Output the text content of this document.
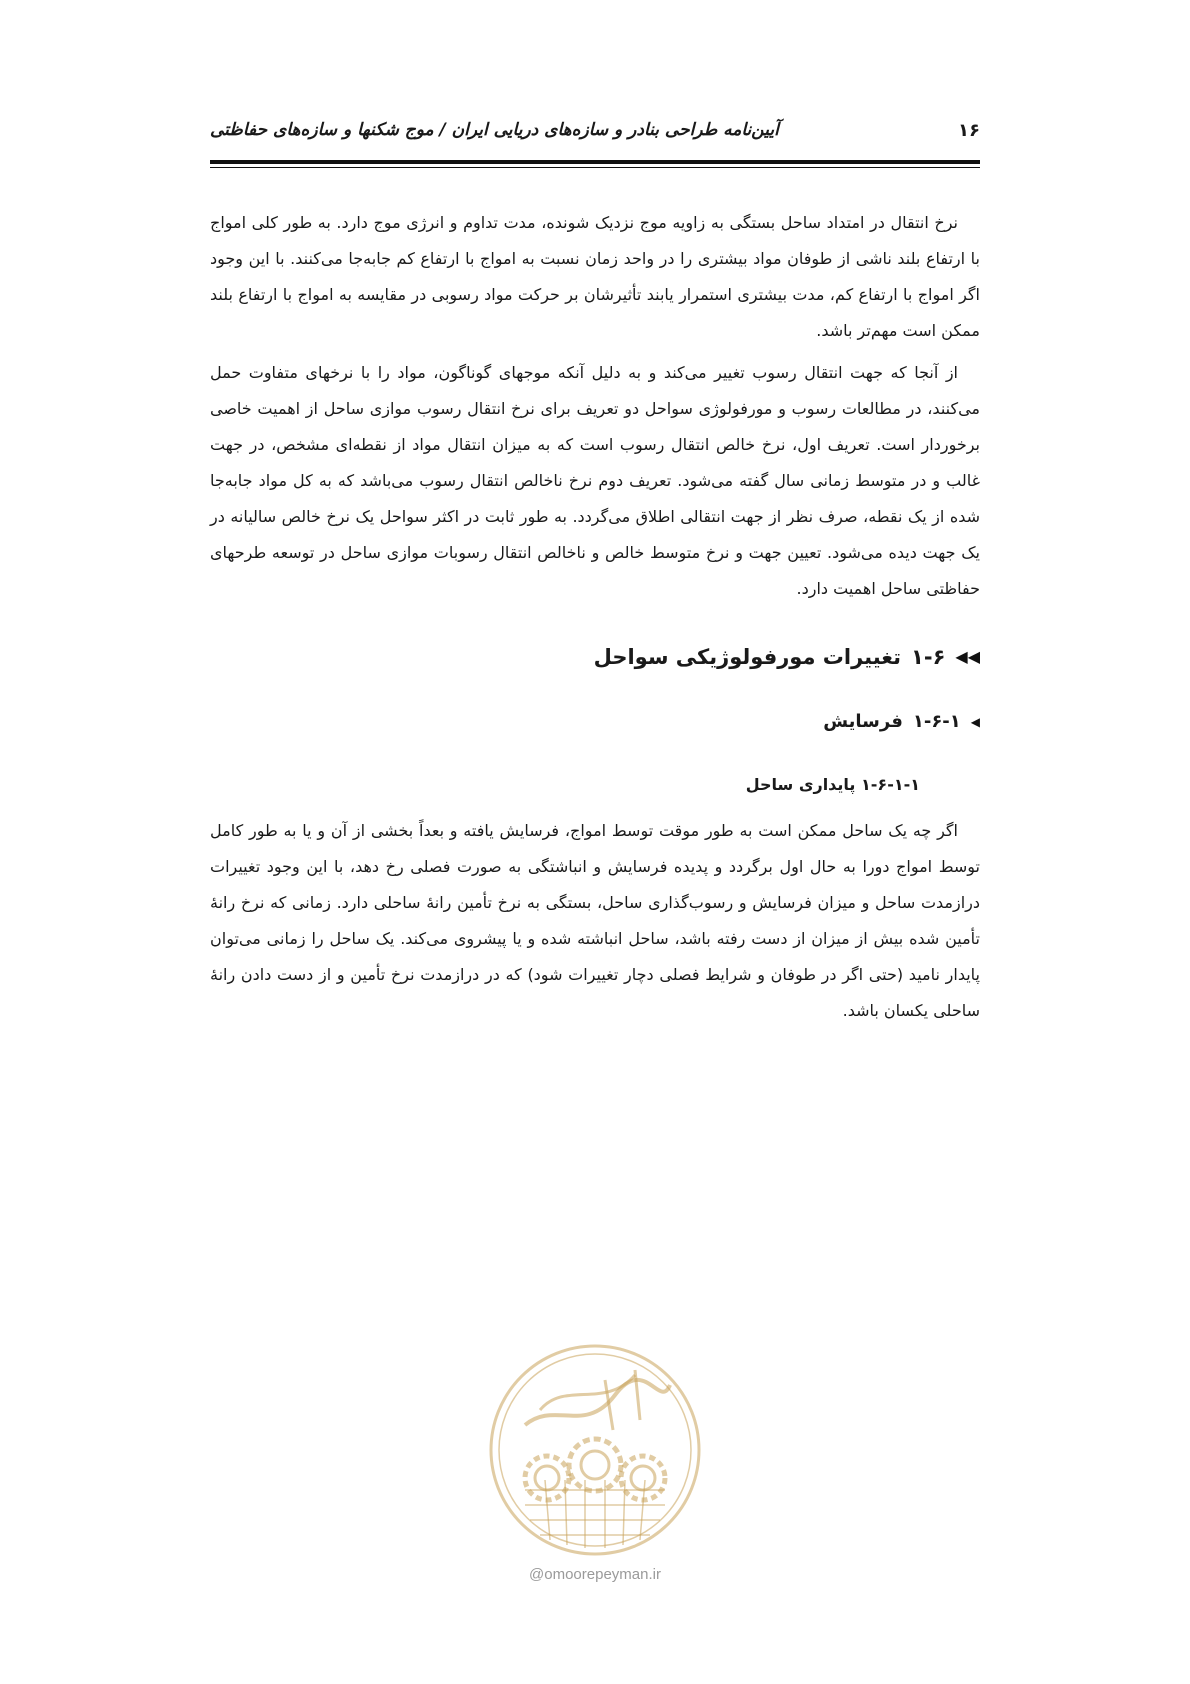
۱۶
آیین‌نامه طراحی بنادر و سازه‌های دریایی ایران / موج شکنها و سازه‌های حفاظتی

نرخ انتقال در امتداد ساحل بستگی به زاویه موج نزدیک شونده، مدت تداوم و انرژی موج دارد. به طور کلی امواج با ارتفاع بلند ناشی از طوفان مواد بیشتری را در واحد زمان نسبت به امواج با ارتفاع کم جابه‌جا می‌کنند. با این وجود اگر امواج با ارتفاع کم، مدت بیشتری استمرار یابند تأثیرشان بر حرکت مواد رسوبی در مقایسه به امواج با ارتفاع بلند ممکن است مهم‌تر باشد.

از آنجا که جهت انتقال رسوب تغییر می‌کند و به دلیل آنکه موجهای گوناگون، مواد را با نرخهای متفاوت حمل می‌کنند، در مطالعات رسوب و مورفولوژی سواحل دو تعریف برای نرخ انتقال رسوب موازی ساحل از اهمیت خاصی برخوردار است. تعریف اول، نرخ خالص انتقال رسوب است که به میزان انتقال مواد از نقطه‌ای مشخص، در جهت غالب و در متوسط زمانی سال گفته می‌شود. تعریف دوم نرخ ناخالص انتقال رسوب می‌باشد که به کل مواد جابه‌جا شده از یک نقطه، صرف نظر از جهت انتقالی اطلاق می‌گردد. به طور ثابت در اکثر سواحل یک نرخ خالص سالیانه در یک جهت دیده می‌شود. تعیین جهت و نرخ متوسط خالص و ناخالص انتقال رسوبات موازی ساحل در توسعه طرحهای حفاظتی ساحل اهمیت دارد.

◀◀
۱-۶
تغییرات مورفولوژیکی سواحل
◀
۱-۶-۱
فرسایش
۱-۶-۱-۱ پایداری ساحل

اگر چه یک ساحل ممکن است به طور موقت توسط امواج، فرسایش یافته و بعداً بخشی از آن و یا به طور کامل توسط امواج دورا به حال اول برگردد و پدیده فرسایش و انباشتگی به صورت فصلی رخ دهد، با این وجود تغییرات درازمدت ساحل و میزان فرسایش و رسوب‌گذاری ساحل، بستگی به نرخ تأمین رانهٔ ساحلی دارد. زمانی که نرخ رانهٔ تأمین شده بیش از میزان از دست رفته باشد، ساحل انباشته شده و یا پیشروی می‌کند. یک ساحل را زمانی می‌توان پایدار نامید (حتی اگر در طوفان و شرایط فصلی دچار تغییرات شود) که در درازمدت نرخ تأمین و از دست دادن رانهٔ ساحلی یکسان باشد.

@omoorepeyman.ir
